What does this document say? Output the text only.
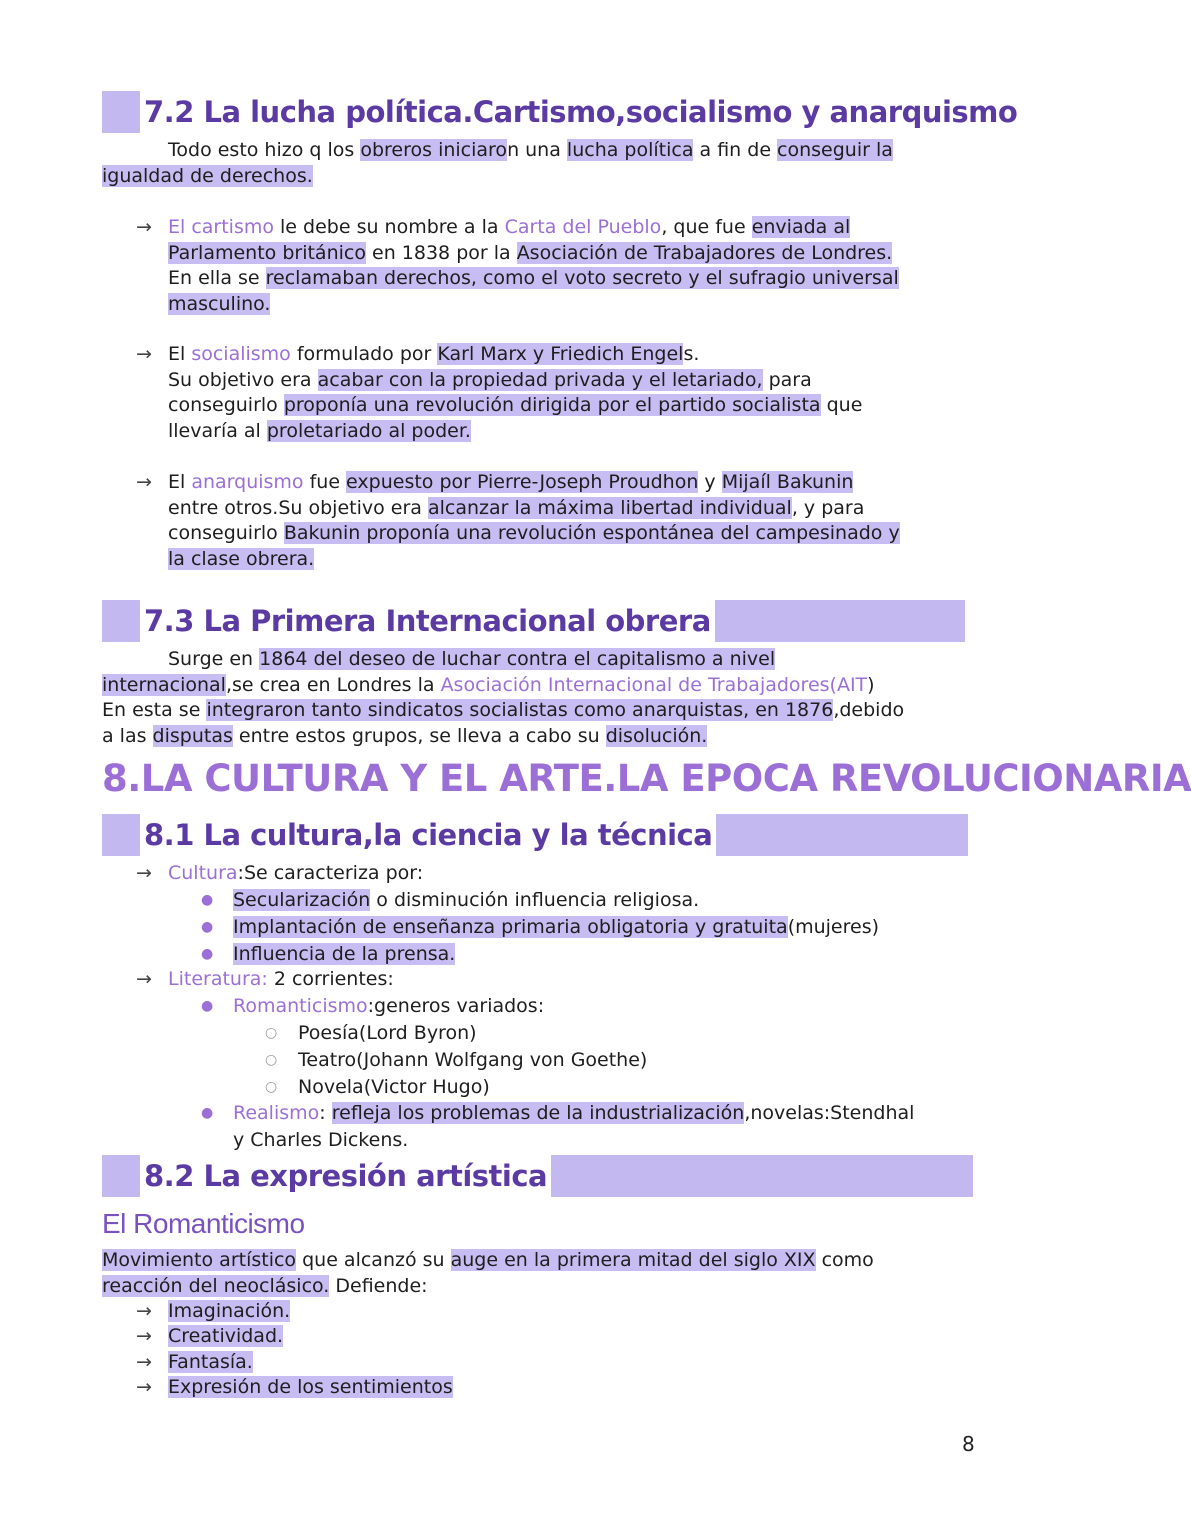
7.2 La lucha política.Cartismo,socialismo y anarquismo
Todo esto hizo q los obreros iniciaron una lucha política a fin de conseguir la
igualdad de derechos.
→ El cartismo le debe su nombre a la Carta del Pueblo, que fue enviada al
Parlamento británico en 1838 por la Asociación de Trabajadores de Londres.
En ella se reclamaban derechos, como el voto secreto y el sufragio universal
masculino.
→ El socialismo formulado por Karl Marx y Friedich Engels.
Su objetivo era acabar con la propiedad privada y el letariado, para
conseguirlo proponía una revolución dirigida por el partido socialista que
llevaría al proletariado al poder.
→ El anarquismo fue expuesto por Pierre-Joseph Proudhon y Mijaíl Bakunin
entre otros.Su objetivo era alcanzar la máxima libertad individual, y para
conseguirlo Bakunin proponía una revolución espontánea del campesinado y
la clase obrera.
7.3 La Primera Internacional obrera
Surge en 1864 del deseo de luchar contra el capitalismo a nivel
internacional,se crea en Londres la Asociación Internacional de Trabajadores(AIT)
En esta se integraron tanto sindicatos socialistas como anarquistas, en 1876,debido
a las disputas entre estos grupos, se lleva a cabo su disolución.
8.LA CULTURA Y EL ARTE.LA EPOCA REVOLUCIONARIA
8.1 La cultura,la ciencia y la técnica
→ Cultura:Se caracteriza por:
● Secularización o disminución influencia religiosa.
● Implantación de enseñanza primaria obligatoria y gratuita(mujeres)
● Influencia de la prensa.
→ Literatura: 2 corrientes:
● Romanticismo:generos variados:
○ Poesía(Lord Byron)
○ Teatro(Johann Wolfgang von Goethe)
○ Novela(Victor Hugo)
● Realismo: refleja los problemas de la industrialización,novelas:Stendhal
y Charles Dickens.
8.2 La expresión artística
El Romanticismo
Movimiento artístico que alcanzó su auge en la primera mitad del siglo XIX como
reacción del neoclásico. Defiende:
→ Imaginación.
→ Creatividad.
→ Fantasía.
→ Expresión de los sentimientos
8
